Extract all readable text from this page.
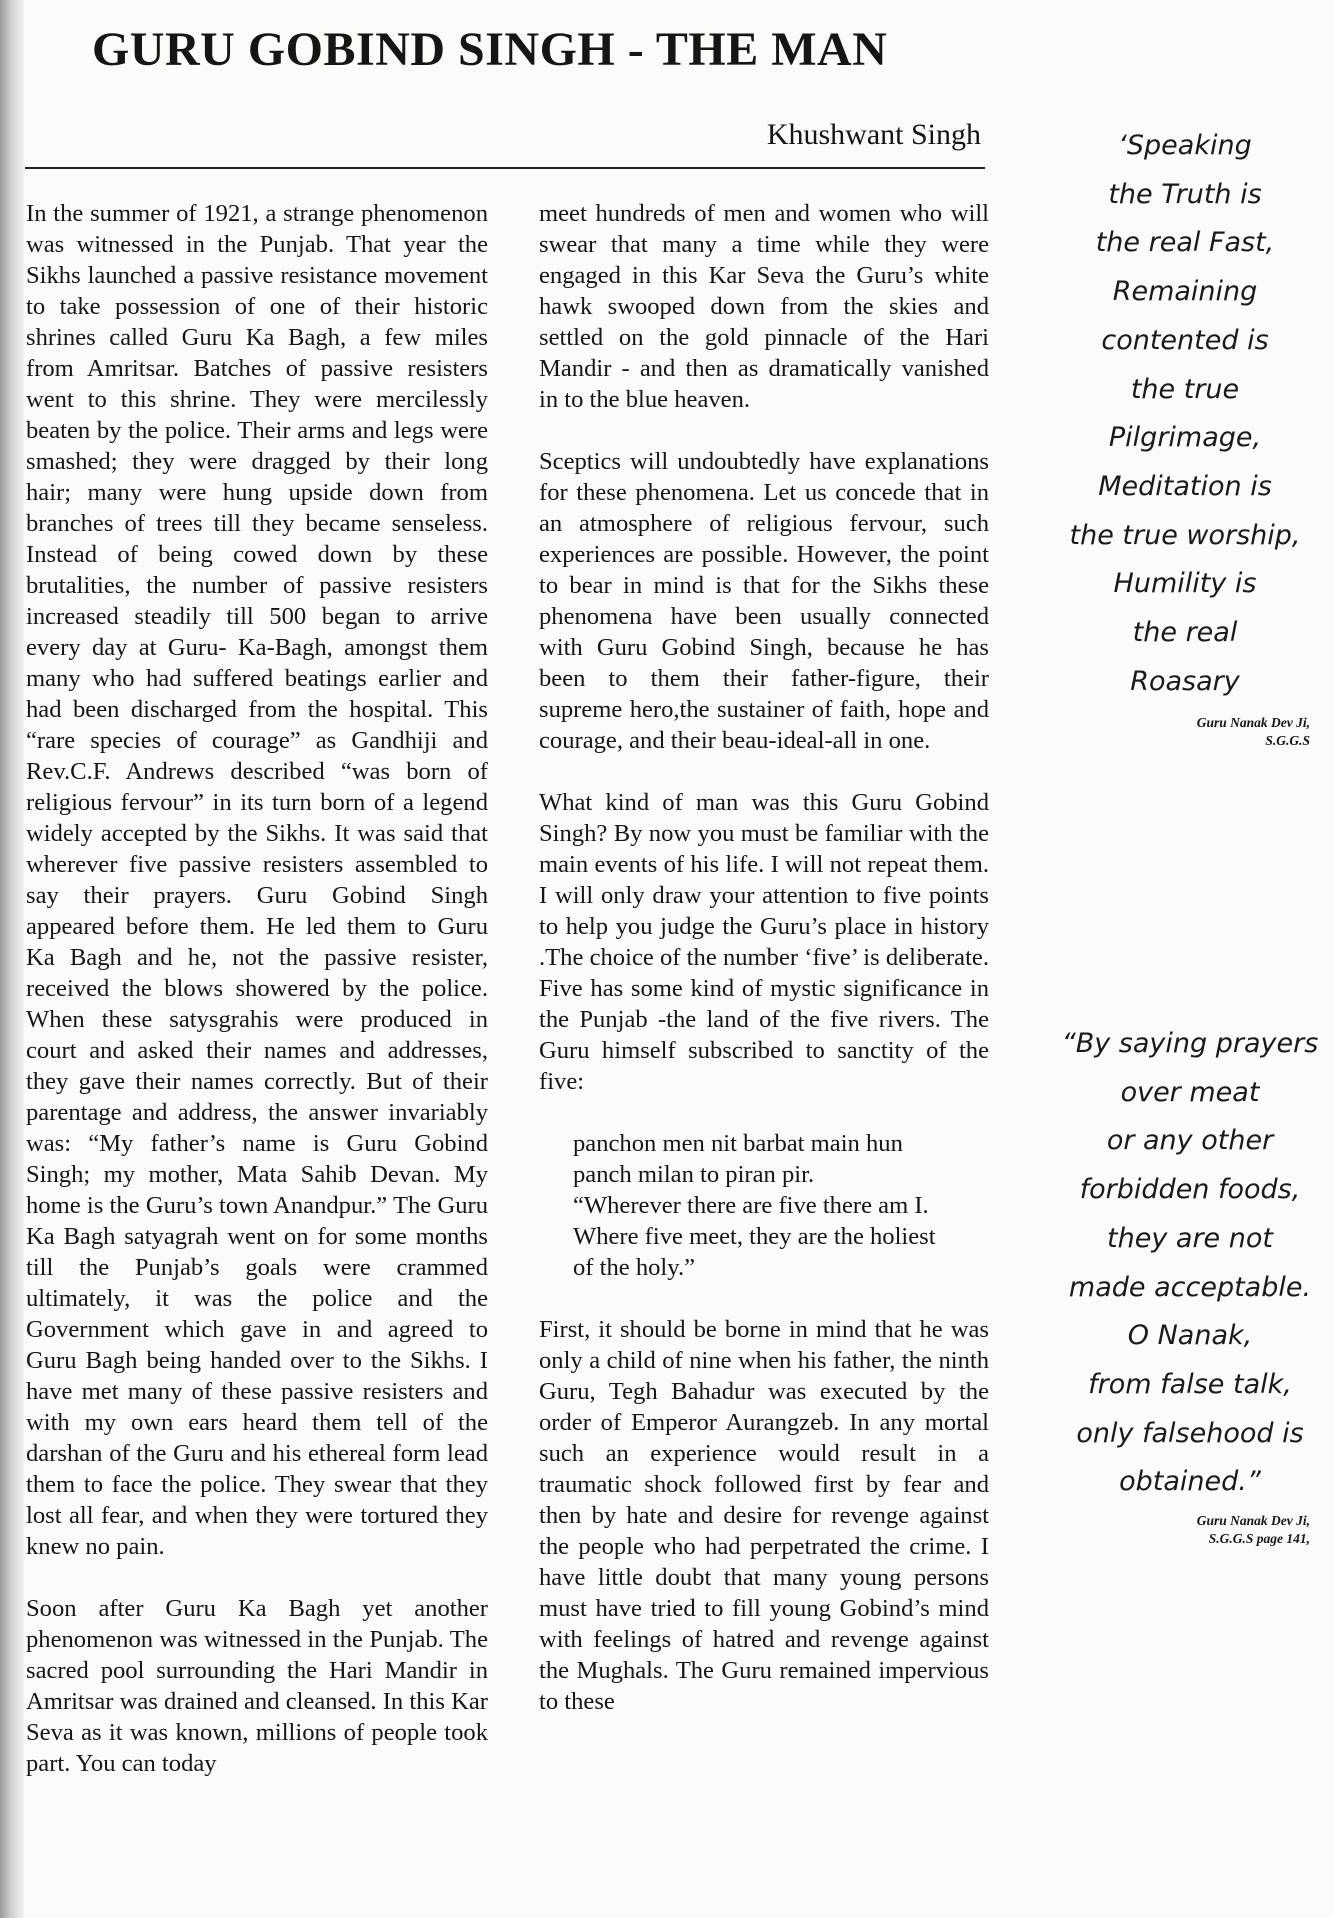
GURU GOBIND SINGH - THE MAN
Khushwant Singh

In the summer of 1921, a strange phenomenon was witnessed in the Punjab. That year the Sikhs launched a passive resistance movement to take possession of one of their historic shrines called Guru Ka Bagh, a few miles from Amritsar. Batches of passive resisters went to this shrine. They were mercilessly beaten by the police. Their arms and legs were smashed; they were dragged by their long hair; many were hung upside down from branches of trees till they became senseless. Instead of being cowed down by these brutalities, the number of passive resisters increased steadily till 500 began to arrive every day at Guru- Ka-Bagh, amongst them many who had suffered beatings earlier and had been discharged from the hospital. This “rare species of courage” as Gandhiji and Rev.C.F. Andrews described “was born of religious fervour” in its turn born of a legend widely accepted by the Sikhs. It was said that wherever five passive resisters assembled to say their prayers. Guru Gobind Singh appeared before them. He led them to Guru Ka Bagh and he, not the passive resister, received the blows showered by the police. When these satysgrahis were produced in court and asked their names and addresses, they gave their names correctly. But of their parentage and address, the answer invariably was: “My father’s name is Guru Gobind Singh; my mother, Mata Sahib Devan. My home is the Guru’s town Anandpur.” The Guru Ka Bagh satyagrah went on for some months till the Punjab’s goals were crammed ultimately, it was the police and the Government which gave in and agreed to Guru Bagh being handed over to the Sikhs. I have met many of these passive resisters and with my own ears heard them tell of the darshan of the Guru and his ethereal form lead them to face the police. They swear that they lost all fear, and when they were tortured they knew no pain.

Soon after Guru Ka Bagh yet another phenomenon was witnessed in the Punjab. The sacred pool surrounding the Hari Mandir in Amritsar was drained and cleansed. In this Kar Seva as it was known, millions of people took part. You can today

meet hundreds of men and women who will swear that many a time while they were engaged in this Kar Seva the Guru’s white hawk swooped down from the skies and settled on the gold pinnacle of the Hari Mandir - and then as dramatically vanished in to the blue heaven.

Sceptics will undoubtedly have explanations for these phenomena. Let us concede that in an atmosphere of religious fervour, such experiences are possible. However, the point to bear in mind is that for the Sikhs these phenomena have been usually connected with Guru Gobind Singh, because he has been to them their father-figure, their supreme hero,the sustainer of faith, hope and courage, and their beau-ideal-all in one.

What kind of man was this Guru Gobind Singh? By now you must be familiar with the main events of his life. I will not repeat them. I will only draw your attention to five points to help you judge the Guru’s place in history .The choice of the number ‘five’ is deliberate. Five has some kind of mystic significance in the Punjab -the land of the five rivers. The Guru himself subscribed to sanctity of the five:

panchon men nit barbat main hun
panch milan to piran pir.
“Wherever there are five there am I.
Where five meet, they are the holiest
of the holy.”

First, it should be borne in mind that he was only a child of nine when his father, the ninth Guru, Tegh Bahadur was executed by the order of Emperor Aurangzeb. In any mortal such an experience would result in a traumatic shock followed first by fear and then by hate and desire for revenge against the people who had perpetrated the crime. I have little doubt that many young persons must have tried to fill young Gobind’s mind with feelings of hatred and revenge against the Mughals. The Guru remained impervious to these

‘Speaking
the Truth is
the real Fast,
Remaining
contented is
the true
Pilgrimage,
Meditation is
the true worship,
Humility is
the real
Roasary
Guru Nanak Dev Ji,
S.G.G.S
“By saying prayers
over meat
or any other
forbidden foods,
they are not
made acceptable.
O Nanak,
from false talk,
only falsehood is
obtained.”
Guru Nanak Dev Ji,
S.G.G.S page 141,
